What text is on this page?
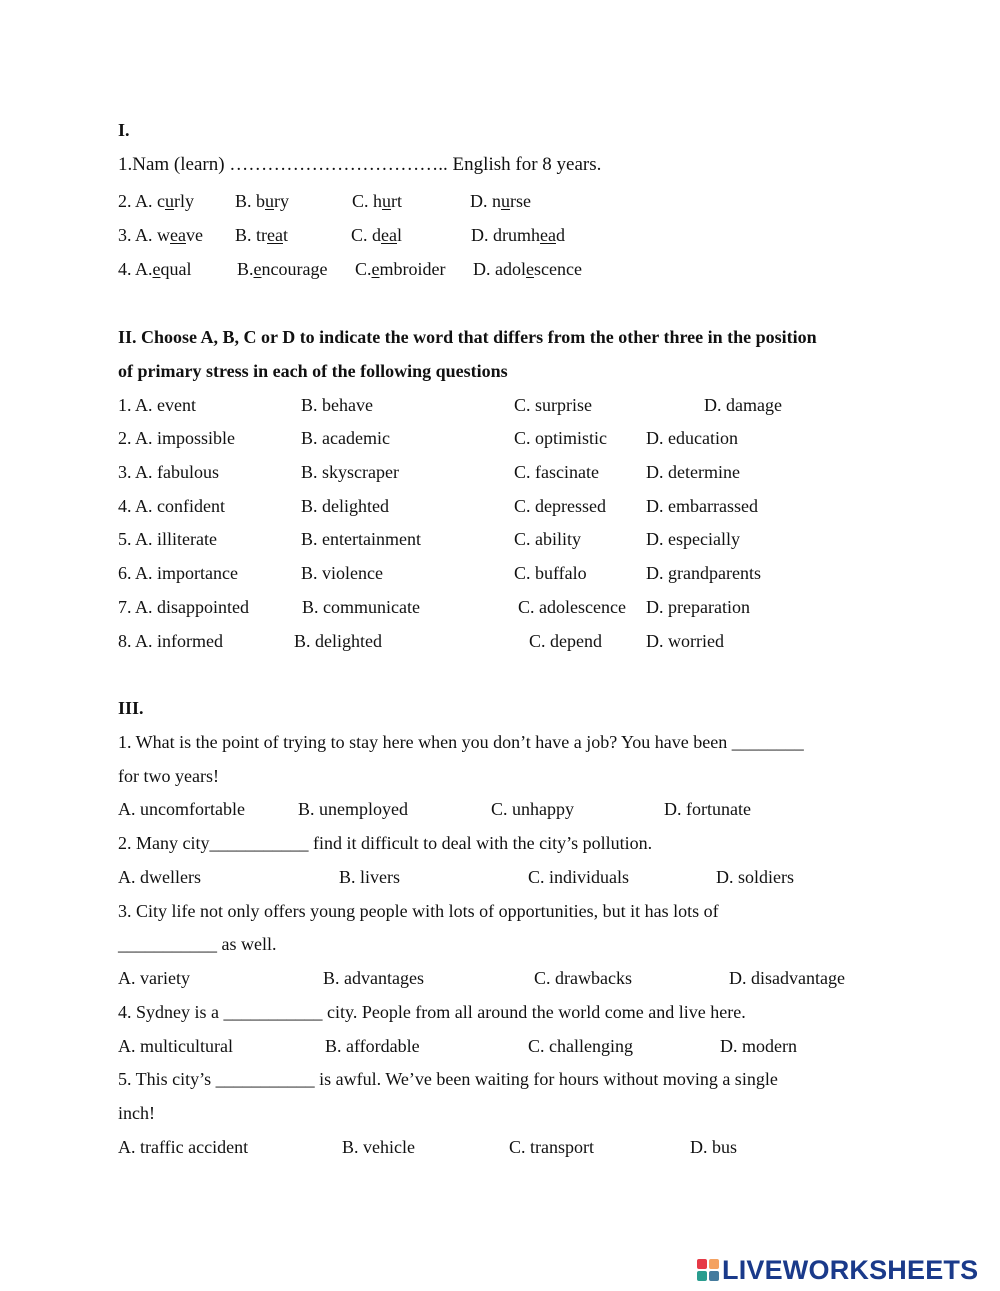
I.
1.Nam (learn) …………………………….. English for 8 years.
2. A. curly B. bury	C. hurt	D. nurse
3. A. weave B. treat	C. deal	D. drumhead
4. A.equal	B.encourage C.embroider D. adolescence
II. Choose A, B, C or D to indicate the word that differs from the other three in the position
of primary stress in each of the following questions
1. A. event	B. behave	C. surprise	D. damage
2. A. impossible	B. academic	C. optimistic D. education
3. A. fabulous	B. skyscraper	C. fascinate	D. determine
4. A. confident	B. delighted	C. depressed D. embarrassed
5. A. illiterate	B. entertainment	C. ability	D. especially
6. A. importance	B. violence	C. buffalo	D. grandparents
7. A. disappointed	B. communicate	C. adolescence D. preparation
8. A. informed	B. delighted	C. depend D. worried
III.
1. What is the point of trying to stay here when you don’t have a job? You have been ________
for two years!
A. uncomfortable	B. unemployed	C. unhappy	D. fortunate
2. Many city___________ find it difficult to deal with the city’s pollution.
A. dwellers	B. livers	C. individuals	D. soldiers
3. City life not only offers young people with lots of opportunities, but it has lots of
___________ as well.
A. variety	B. advantages	C. drawbacks	D. disadvantage
4. Sydney is a ___________ city. People from all around the world come and live here.
A. multicultural	B. affordable	C. challenging	D. modern
5. This city’s ___________ is awful. We’ve been waiting for hours without moving a single
inch!
A. traffic accident	B. vehicle	C. transport	D. bus
LIVEWORKSHEETS
